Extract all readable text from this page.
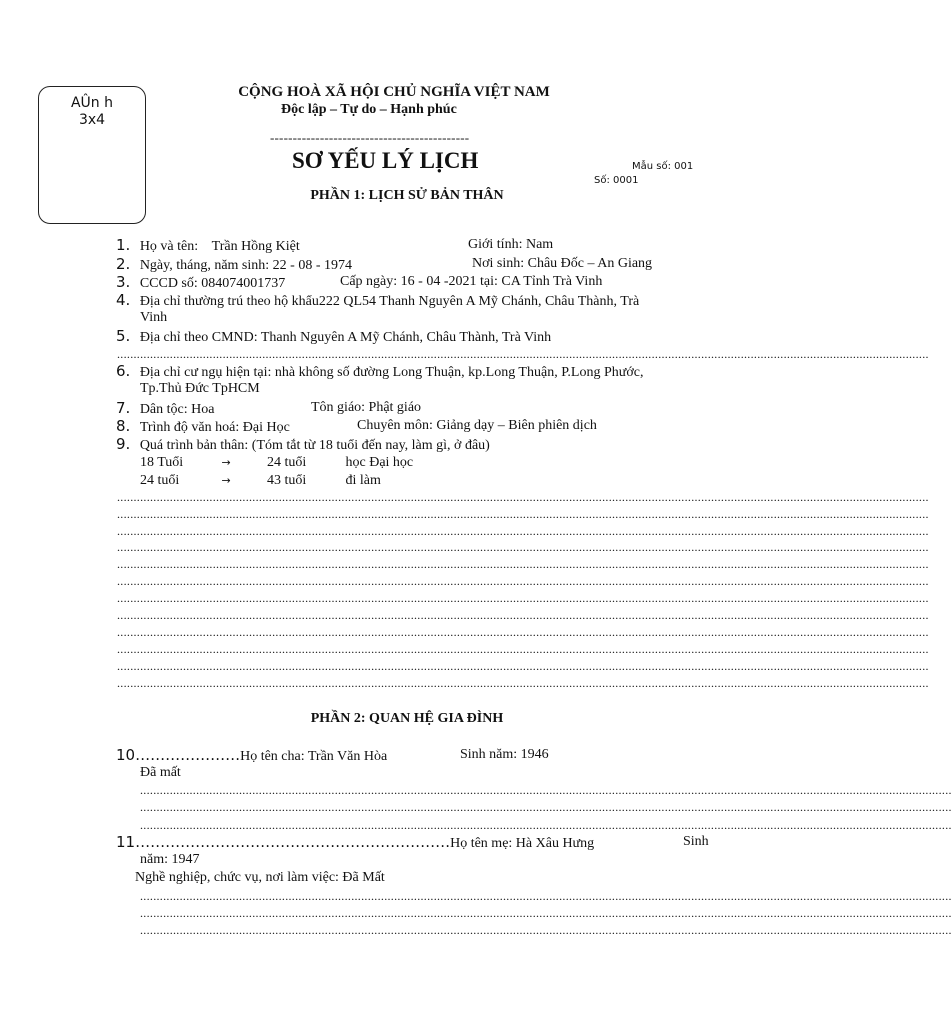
AÛn h
3x4
CỘNG HOÀ XÃ HỘI CHỦ NGHĨA VIỆT NAM
Độc lập – Tự do – Hạnh phúc
--------------------------------------------
SƠ YẾU LÝ LỊCH	Mẫu số: 001
Số: 0001
PHẦN 1: LỊCH SỬ BẢN THÂN
1. Họ và tên: Trần Hồng Kiệt	Giới tính: Nam
2. Ngày, tháng, năm sinh: 22 - 08 - 1974	Nơi sinh: Châu Đốc – An Giang
3. CCCD số: 084074001737	Cấp ngày: 16 - 04 -2021 tại: CA Tỉnh Trà Vinh
4. Địa chỉ thường trú theo hộ khẩu222 QL54 Thanh Nguyên A Mỹ Chánh, Châu Thành, Trà
Vinh
5. Địa chỉ theo CMND: Thanh Nguyên A Mỹ Chánh, Châu Thành, Trà Vinh
......................................................................................................................................................................................................................................................
6. Địa chỉ cư ngụ hiện tại: nhà không số đường Long Thuận, kp.Long Thuận, P.Long Phước,
Tp.Thủ Đức TpHCM
7. Dân tộc: Hoa	Tôn giáo: Phật giáo
8. Trình độ văn hoá: Đại Học	Chuyên môn: Giảng dạy – Biên phiên dịch
9. Quá trình bản thân: (Tóm tắt từ 18 tuổi đến nay, làm gì, ở đâu)
18 Tuổi	→	24 tuổi	học Đại học
24 tuổi	→	43 tuổi	đi làm
......................................................................................................................................................................................................................................................
......................................................................................................................................................................................................................................................
......................................................................................................................................................................................................................................................
......................................................................................................................................................................................................................................................
......................................................................................................................................................................................................................................................
......................................................................................................................................................................................................................................................
......................................................................................................................................................................................................................................................
......................................................................................................................................................................................................................................................
......................................................................................................................................................................................................................................................
......................................................................................................................................................................................................................................................
......................................................................................................................................................................................................................................................
......................................................................................................................................................................................................................................................
PHẦN 2: QUAN HỆ GIA ĐÌNH
10…………………Họ tên cha: Trần Văn Hòa	Sinh năm: 1946
Đã mất
......................................................................................................................................................................................................................................................
......................................................................................................................................................................................................................................................
......................................................................................................................................................................................................................................................
11………………………………………………………Họ tên mẹ: Hà Xâu Hưng	Sinh
năm: 1947
Nghề nghiệp, chức vụ, nơi làm việc: Đã Mất
......................................................................................................................................................................................................................................................
......................................................................................................................................................................................................................................................
......................................................................................................................................................................................................................................................
